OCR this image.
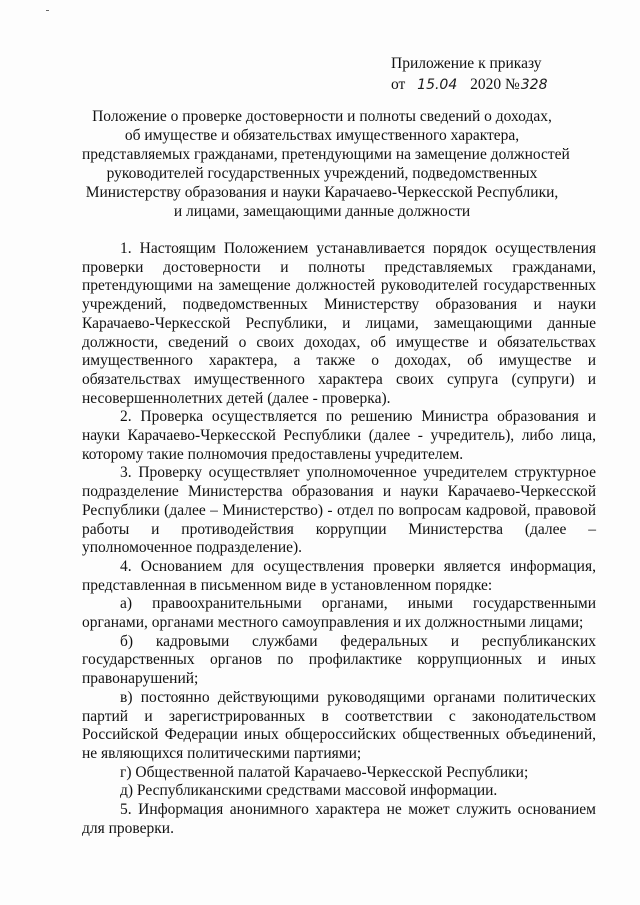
Приложение к приказу
от 15.04 2020 №328
Положение о проверке достоверности и полноты сведений о доходах,
об имуществе и обязательствах имущественного характера,
представляемых гражданами, претендующими на замещение должностей
руководителей государственных учреждений, подведомственных
Министерству образования и науки Карачаево-Черкесской Республики,
и лицами, замещающими данные должности

1. Настоящим Положением устанавливается порядок осуществления проверки достоверности и полноты представляемых гражданами, претендующими на замещение должностей руководителей государственных учреждений, подведомственных Министерству образования и науки Карачаево-Черкесской Республики, и лицами, замещающими данные должности, сведений о своих доходах, об имуществе и обязательствах имущественного характера, а также о доходах, об имуществе и обязательствах имущественного характера своих супруга (супруги) и несовершеннолетних детей (далее - проверка).

2. Проверка осуществляется по решению Министра образования и науки Карачаево-Черкесской Республики (далее - учредитель), либо лица, которому такие полномочия предоставлены учредителем.

3. Проверку осуществляет уполномоченное учредителем структурное подразделение Министерства образования и науки Карачаево-Черкесской Республики (далее – Министерство) - отдел по вопросам кадровой, правовой работы и противодействия коррупции Министерства (далее – уполномоченное подразделение).

4. Основанием для осуществления проверки является информация, представленная в письменном виде в установленном порядке:

а) правоохранительными органами, иными государственными органами, органами местного самоуправления и их должностными лицами;

б) кадровыми службами федеральных и республиканских государственных органов по профилактике коррупционных и иных правонарушений;

в) постоянно действующими руководящими органами политических партий и зарегистрированных в соответствии с законодательством Российской Федерации иных общероссийских общественных объединений, не являющихся политическими партиями;

г) Общественной палатой Карачаево-Черкесской Республики;

д) Республиканскими средствами массовой информации.

5. Информация анонимного характера не может служить основанием для проверки.
